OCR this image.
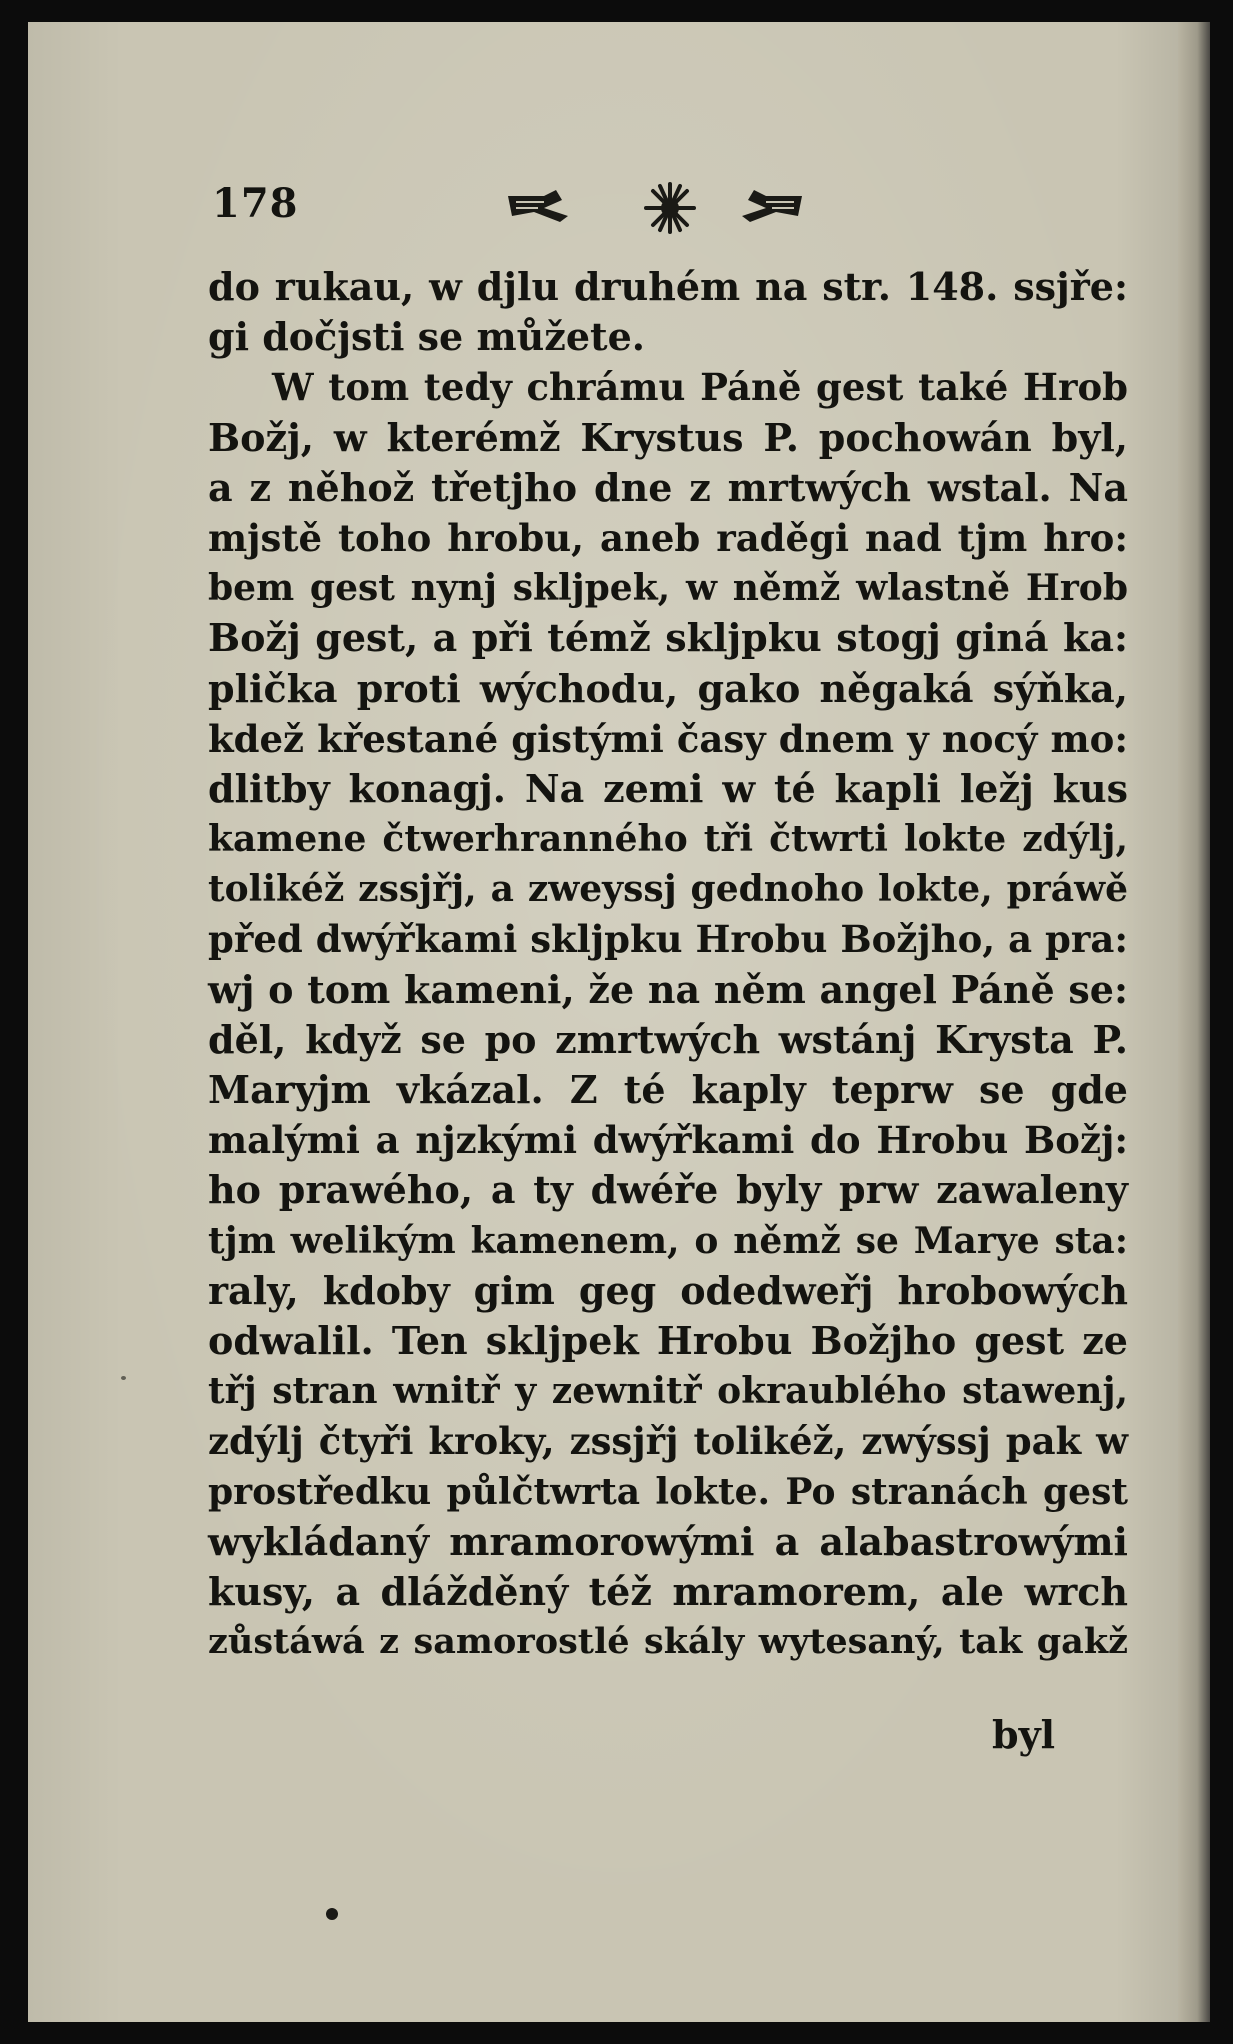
178
do rukau, w djlu druhém na str. 148. ssjře:
gi dočjsti se můžete.
W tom tedy chrámu Páně gest také Hrob
Božj, w kterémž Krystus P. pochowán byl,
a z něhož třetjho dne z mrtwých wstal. Na
mjstě toho hrobu, aneb raděgi nad tjm hro:
bem gest nynj skljpek, w němž wlastně Hrob
Božj gest, a při témž skljpku stogj giná ka:
plička proti wýchodu, gako něgaká sýňka,
kdež křestané gistými časy dnem y nocý mo:
dlitby konagj. Na zemi w té kapli ležj kus
kamene čtwerhranného tři čtwrti lokte zdýlj,
tolikéž zssjřj, a zweyssj gednoho lokte, práwě
před dwýřkami skljpku Hrobu Božjho, a pra:
wj o tom kameni, že na něm angel Páně se:
děl, když se po zmrtwých wstánj Krysta P.
Maryjm vkázal. Z té kaply teprw se gde
malými a njzkými dwýřkami do Hrobu Božj:
ho prawého, a ty dwéře byly prw zawaleny
tjm welikým kamenem, o němž se Marye sta:
raly, kdoby gim geg odedweřj hrobowých
odwalil. Ten skljpek Hrobu Božjho gest ze
třj stran wnitř y zewnitř okraublého stawenj,
zdýlj čtyři kroky, zssjřj tolikéž, zwýssj pak w
prostředku půlčtwrta lokte. Po stranách gest
wykládaný mramorowými a alabastrowými
kusy, a dlážděný též mramorem, ale wrch
zůstáwá z samorostlé skály wytesaný, tak gakž
byl
